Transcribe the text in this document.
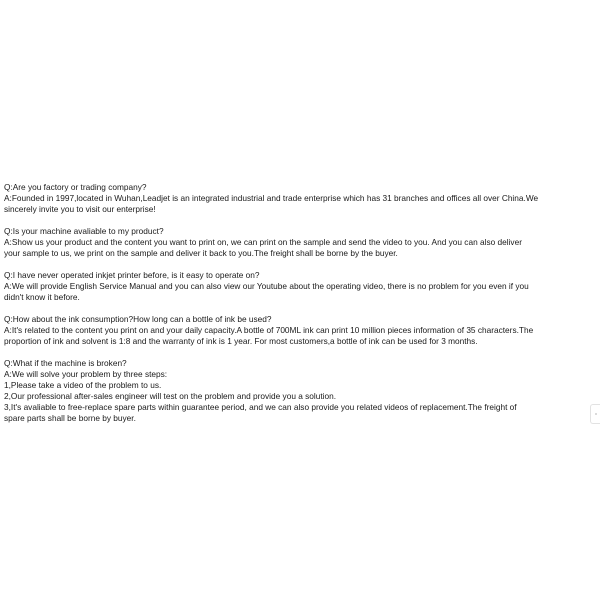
Q:Are you factory or trading company?

A:Founded in 1997,located in Wuhan,Leadjet is an integrated industrial and trade enterprise which has 31 branches and offices all over China.We

sincerely invite you to visit our enterprise!

Q:Is your machine avaliable to my product?

A:Show us your product and the content you want to print on, we can print on the sample and send the video to you. And you can also deliver

your sample to us, we print on the sample and deliver it back to you.The freight shall be borne by the buyer.

Q:I have never operated inkjet printer before, is it easy to operate on?

A:We will provide English Service Manual and you can also view our Youtube about the operating video, there is no problem for you even if you

didn't know it before.

Q:How about the ink consumption?How long can a bottle of ink be used?

A:It's related to the content you print on and your daily capacity.A bottle of 700ML ink can print 10 million pieces information of 35 characters.The

proportion of ink and solvent is 1:8 and the warranty of ink is 1 year. For most customers,a bottle of ink can be used for 3 months.

Q:What if the machine is broken?

A:We will solve your problem by three steps:

1,Please take a video of the problem to us.

2,Our professional after-sales engineer will test on the problem and provide you a solution.

3,It's avaliable to free-replace spare parts within guarantee period, and we can also provide you related videos of replacement.The freight of

spare parts shall be borne by buyer.
